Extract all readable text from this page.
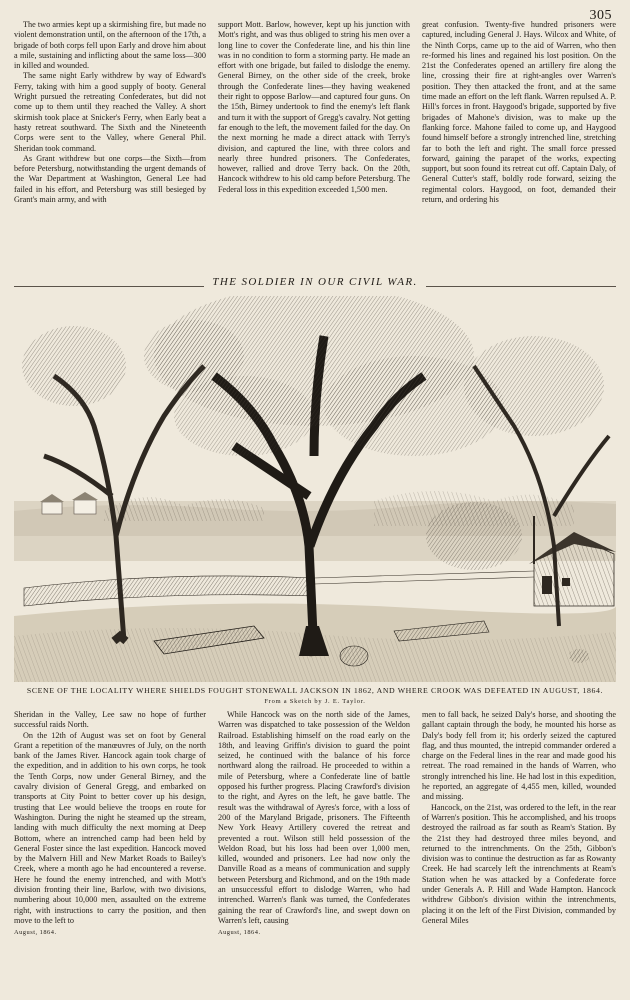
305

The two armies kept up a skirmishing fire, but made no violent demonstration until, on the afternoon of the 17th, a brigade of both corps fell upon Early and drove him about a mile, sustaining and inflicting about the same loss—300 in killed and wounded.

The same night Early withdrew by way of Edward's Ferry, taking with him a good supply of booty. General Wright pursued the retreating Confederates, but did not come up to them until they reached the Valley. A short skirmish took place at Snicker's Ferry, when Early beat a hasty retreat southward. The Sixth and the Nineteenth Corps were sent to the Valley, where General Phil. Sheridan took command.

As Grant withdrew but one corps—the Sixth—from before Petersburg, notwithstanding the urgent demands of the War Department at Washington, General Lee had failed in his effort, and Petersburg was still besieged by Grant's main army, and with

support Mott. Barlow, however, kept up his junction with Mott's right, and was thus obliged to string his men over a long line to cover the Confederate line, and his thin line was in no condition to form a storming party. He made an effort with one brigade, but failed to dislodge the enemy. General Birney, on the other side of the creek, broke through the Confederate lines—they having weakened their right to oppose Barlow—and captured four guns. On the 15th, Birney undertook to find the enemy's left flank and turn it with the support of Gregg's cavalry. Not getting far enough to the left, the movement failed for the day. On the next morning he made a direct attack with Terry's division, and captured the line, with three colors and nearly three hundred prisoners. The Confederates, however, rallied and drove Terry back. On the 20th, Hancock withdrew to his old camp before Petersburg. The Federal loss in this expedition exceeded 1,500 men.

great confusion. Twenty-five hundred prisoners were captured, including General J. Hays. Wilcox and White, of the Ninth Corps, came up to the aid of Warren, who then re-formed his lines and regained his lost position. On the 21st the Confederates opened an artillery fire along the line, crossing their fire at right-angles over Warren's position. They then attacked the front, and at the same time made an effort on the left flank. Warren repulsed A. P. Hill's forces in front. Haygood's brigade, supported by five brigades of Mahone's division, was to make up the flanking force. Mahone failed to come up, and Haygood found himself before a strongly intrenched line, stretching far to both the left and right. The small force pressed forward, gaining the parapet of the works, expecting support, but soon found its retreat cut off. Captain Daly, of General Cutter's staff, boldly rode forward, seizing the regimental colors. Haygood, on foot, demanded their return, and ordering his

THE SOLDIER IN OUR CIVIL WAR.
SCENE OF THE LOCALITY WHERE SHIELDS FOUGHT STONEWALL JACKSON IN 1862, AND WHERE CROOK WAS DEFEATED IN AUGUST, 1864.
From a Sketch by J. E. Taylor.

Sheridan in the Valley, Lee saw no hope of further successful raids North.

On the 12th of August was set on foot by General Grant a repetition of the manœuvres of July, on the north bank of the James River. Hancock again took charge of the expedition, and in addition to his own corps, he took the Tenth Corps, now under General Birney, and the cavalry division of General Gregg, and embarked on transports at City Point to better cover up his design, trusting that Lee would believe the troops en route for Washington. During the night he steamed up the stream, landing with much difficulty the next morning at Deep Bottom, where an intrenched camp had been held by General Foster since the last expedition. Hancock moved by the Malvern Hill and New Market Roads to Bailey's Creek, where a month ago he had encountered a reverse. Here he found the enemy intrenched, and with Mott's division fronting their line, Barlow, with two divisions, numbering about 10,000 men, assaulted on the extreme right, with instructions to carry the position, and then move to the left to

August, 1864.

While Hancock was on the north side of the James, Warren was dispatched to take possession of the Weldon Railroad. Establishing himself on the road early on the 18th, and leaving Griffin's division to guard the point seized, he continued with the balance of his force northward along the railroad. He proceeded to within a mile of Petersburg, where a Confederate line of battle opposed his further progress. Placing Crawford's division to the right, and Ayres on the left, he gave battle. The result was the withdrawal of Ayres's force, with a loss of 200 of the Maryland Brigade, prisoners. The Fifteenth New York Heavy Artillery covered the retreat and prevented a rout. Wilson still held possession of the Weldon Road, but his loss had been over 1,000 men, killed, wounded and prisoners. Lee had now only the Danville Road as a means of communication and supply between Petersburg and Richmond, and on the 19th made an unsuccessful effort to dislodge Warren, who had intrenched. Warren's flank was turned, the Confederates gaining the rear of Crawford's line, and swept down on Warren's left, causing

August, 1864.

men to fall back, he seized Daly's horse, and shooting the gallant captain through the body, he mounted his horse as Daly's body fell from it; his orderly seized the captured flag, and thus mounted, the intrepid commander ordered a charge on the Federal lines in the rear and made good his retreat. The road remained in the hands of Warren, who strongly intrenched his line. He had lost in this expedition, he reported, an aggregate of 4,455 men, killed, wounded and missing.

Hancock, on the 21st, was ordered to the left, in the rear of Warren's position. This he accomplished, and his troops destroyed the railroad as far south as Ream's Station. By the 21st they had destroyed three miles beyond, and returned to the intrenchments. On the 25th, Gibbon's division was to continue the destruction as far as Rowanty Creek. He had scarcely left the intrenchments at Ream's Station when he was attacked by a Confederate force under Generals A. P. Hill and Wade Hampton. Hancock withdrew Gibbon's division within the intrenchments, placing it on the left of the First Division, commanded by General Miles
